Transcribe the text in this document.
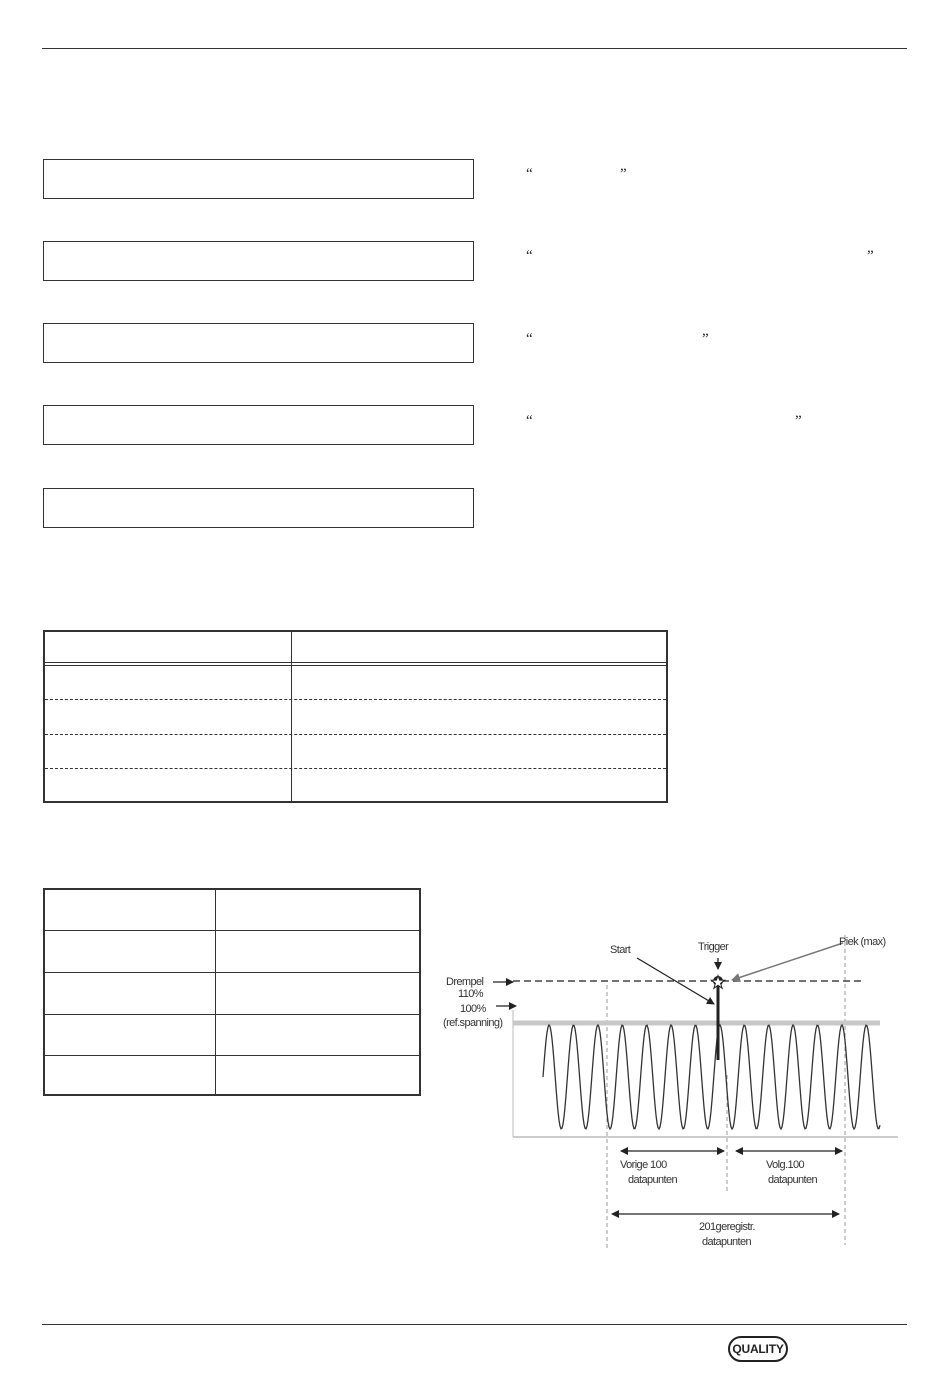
“	”
“	”
“	”
“	”
Start	Trigger	Piek (max)
Drempel
110%
100%
(ref.spanning)
Vorige 100
datapunten
Volg.100
datapunten
201geregistr.
datapunten
QUALITY
